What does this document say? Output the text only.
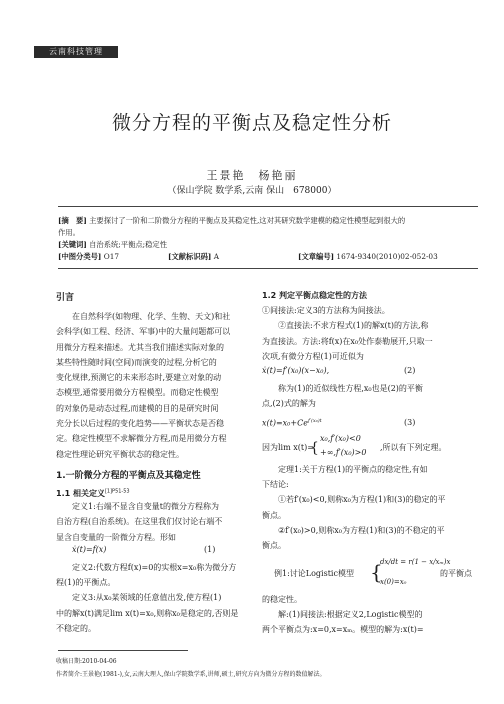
云南科技管理
微分方程的平衡点及稳定性分析
王景艳　杨艳丽
（保山学院 数学系,云南 保山　678000）
[摘　要] 主要探讨了一阶和二阶微分方程的平衡点及其稳定性,这对其研究数学建模的稳定性模型起到很大的
作用。
[关键词] 自治系统;平衡点;稳定性
[中图分类号] O17	[文献标识码] A	[文章编号] 1674-9340(2010)02-052-03
引言
在自然科学(如物理、化学、生物、天文)和社
会科学(如工程、经济、军事)中的大量问题都可以
用微分方程来描述。尤其当我们描述实际对象的
某些特性随时间(空间)而演变的过程,分析它的
变化规律,预测它的未来形态时,要建立对象的动
态模型,通常要用微分方程模型。而稳定性模型
的对象仍是动态过程,而建模的目的是研究时间
充分长以后过程的变化趋势——平衡状态是否稳
定。稳定性模型不求解微分方程,而是用微分方程
稳定性理论研究平衡状态的稳定性。
1.一阶微分方程的平衡点及其稳定性
1.1 相关定义$^{[1]P51-53}$
定义1:右端不显含自变量t的微分方程称为
自治方程(自治系统)。在这里我们仅讨论右端不
显含自变量的一阶微分方程。形如
ẋ(t)=f(x)	(1)
定义2:代数方程f(x)=0的实根x=x₀称为微分方
程(1)的平衡点。
定义3:从x₀某领域的任意值出发,使方程(1)
中的解x(t)满足lim x(t)=x₀,则称x₀是稳定的,否则是
不稳定的。
1.2 判定平衡点稳定性的方法
①间接法:定义3的方法称为间接法。
②直接法:不求方程式(1)的解x(t)的方法,称
为直接法。方法:将f(x)在x₀处作泰勒展开,只取一
次项,有微分方程(1)可近似为
ẋ(t)=f′(x₀)(x−x₀),	(2)
称为(1)的近似线性方程,x₀也是(2)的平衡
点,(2)式的解为
$x(t)=x_0+Ce^{f'(x_0)t}$	(3)
因为lim x(t)=
{
x₀,f′(x₀)<0
+∞,f′(x₀)>0
,所以有下列定理。
定理1:关于方程(1)的平衡点的稳定性,有如
下结论:
①若f′(x₀)<0,则称x₀为方程(1)和(3)的稳定的平
衡点。
②f′(x₀)>0,则称x₀为方程(1)和(3)的不稳定的平
衡点。
例1:讨论Logistic模型 {
dx/dt = r(1 − x/xₘ)x
x(0)=x₀
的平衡点
的稳定性。
解:(1)间接法:根据定义2,Logistic模型的
两个平衡点为:x=0,x=xₘ。模型的解为:x(t)=
收稿日期:2010-04-06
作者简介:王景艳(1981-),女,云南大理人,保山学院数学系,讲师,硕士,研究方向为微分方程的数值解法。
